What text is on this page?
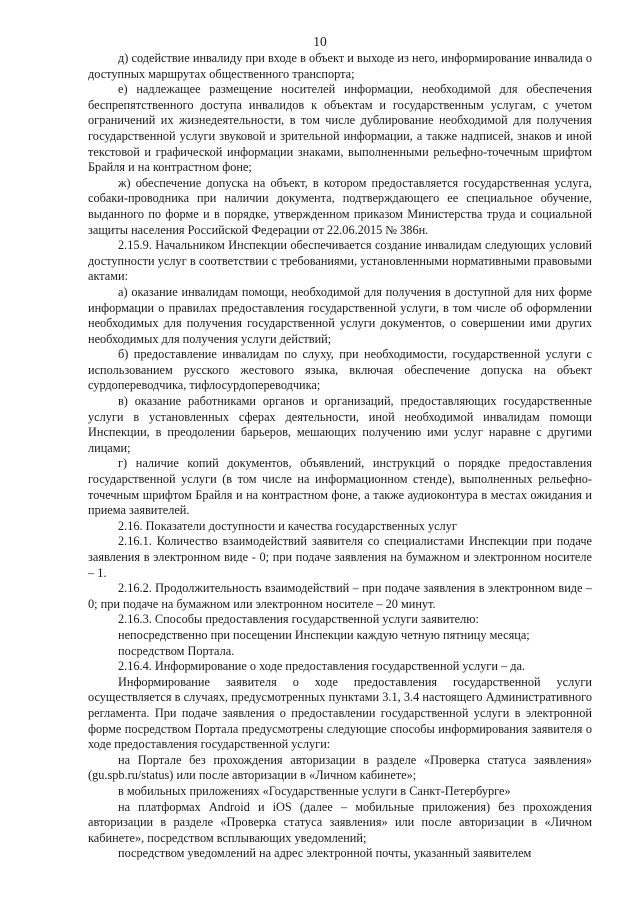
10

д) содействие инвалиду при входе в объект и выходе из него, информирование инвалида о доступных маршрутах общественного транспорта;

е) надлежащее размещение носителей информации, необходимой для обеспечения беспрепятственного доступа инвалидов к объектам и государственным услугам, с учетом ограничений их жизнедеятельности, в том числе дублирование необходимой для получения государственной услуги звуковой и зрительной информации, а также надписей, знаков и иной текстовой и графической информации знаками, выполненными рельефно-точечным шрифтом Брайля и на контрастном фоне;

ж) обеспечение допуска на объект, в котором предоставляется государственная услуга, собаки-проводника при наличии документа, подтверждающего ее специальное обучение, выданного по форме и в порядке, утвержденном приказом Министерства труда и социальной защиты населения Российской Федерации от 22.06.2015 № 386н.

2.15.9. Начальником Инспекции обеспечивается создание инвалидам следующих условий доступности услуг в соответствии с требованиями, установленными нормативными правовыми актами:

а) оказание инвалидам помощи, необходимой для получения в доступной для них форме информации о правилах предоставления государственной услуги, в том числе об оформлении необходимых для получения государственной услуги документов, о совершении ими других необходимых для получения услуги действий;

б) предоставление инвалидам по слуху, при необходимости, государственной услуги с использованием русского жестового языка, включая обеспечение допуска на объект сурдопереводчика, тифлосурдопереводчика;

в) оказание работниками органов и организаций, предоставляющих государственные услуги в установленных сферах деятельности, иной необходимой инвалидам помощи Инспекции, в преодолении барьеров, мешающих получению ими услуг наравне с другими лицами;

г) наличие копий документов, объявлений, инструкций о порядке предоставления государственной услуги (в том числе на информационном стенде), выполненных рельефно-точечным шрифтом Брайля и на контрастном фоне, а также аудиоконтура в местах ожидания и приема заявителей.

2.16. Показатели доступности и качества государственных услуг

2.16.1. Количество взаимодействий заявителя со специалистами Инспекции при подаче заявления в электронном виде - 0; при подаче заявления на бумажном и электронном носителе – 1.

2.16.2. Продолжительность взаимодействий – при подаче заявления в электронном виде – 0; при подаче на бумажном или электронном носителе – 20 минут.

2.16.3. Способы предоставления государственной услуги заявителю:

непосредственно при посещении Инспекции каждую четную пятницу месяца;

посредством Портала.

2.16.4. Информирование о ходе предоставления государственной услуги – да.

Информирование заявителя о ходе предоставления государственной услуги осуществляется в случаях, предусмотренных пунктами 3.1, 3.4 настоящего Административного регламента. При подаче заявления о предоставлении государственной услуги в электронной форме посредством Портала предусмотрены следующие способы информирования заявителя о ходе предоставления государственной услуги:

на Портале без прохождения авторизации в разделе «Проверка статуса заявления» (gu.spb.ru/status) или после авторизации в «Личном кабинете»;

в мобильных приложениях «Государственные услуги в Санкт-Петербурге»

на платформах Android и iOS (далее – мобильные приложения) без прохождения авторизации в разделе «Проверка статуса заявления» или после авторизации в «Личном кабинете», посредством всплывающих уведомлений;

посредством уведомлений на адрес электронной почты, указанный заявителем
